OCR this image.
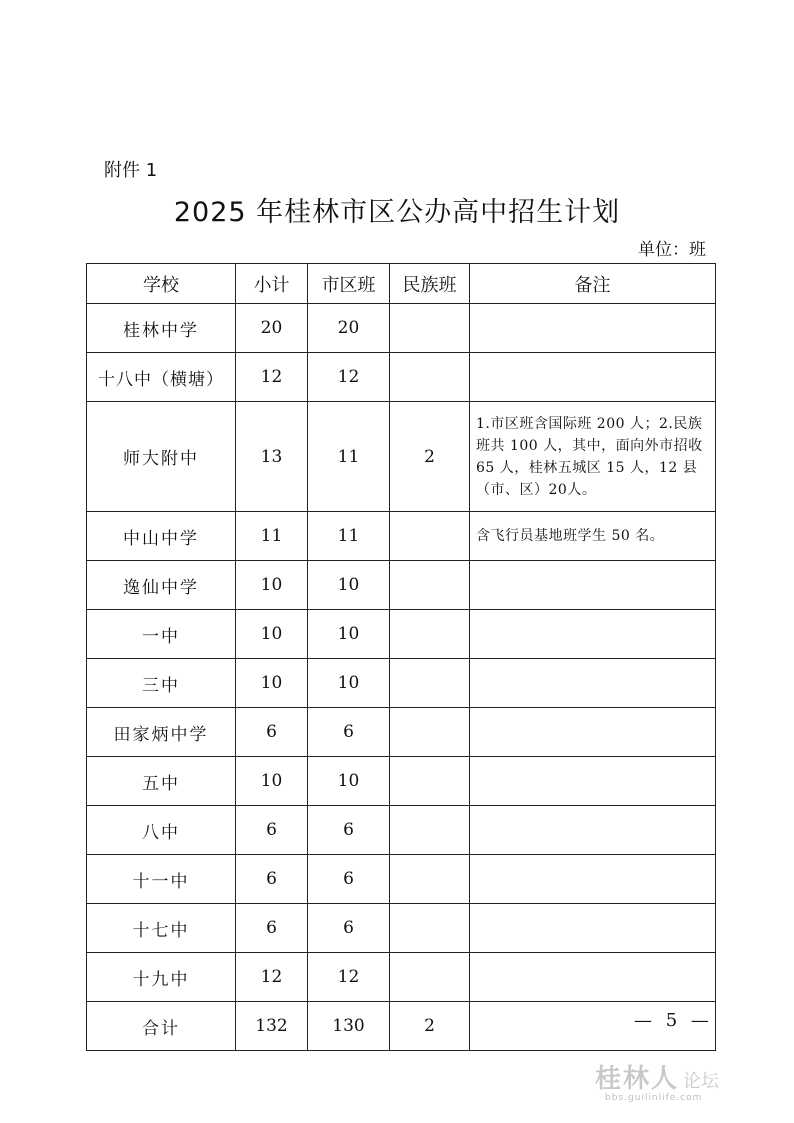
附件 1
2025 年桂林市区公办高中招生计划
单位：班
学校	小计	市区班	民族班	备注
桂林中学	20	20		
十八中（横塘）	12	12		
师大附中	13	11	2	1.市区班含国际班 200 人；2.民族班共 100 人，其中，面向外市招收 65 人，桂林五城区 15 人，12 县（市、区）20人。
中山中学	11	11		含飞行员基地班学生 50 名。
逸仙中学	10	10		
一中	10	10		
三中	10	10		
田家炳中学	6	6		
五中	10	10		
八中	6	6		
十一中	6	6		
十七中	6	6		
十九中	12	12		
合计	132	130	2		— 5 —
桂林人 论坛
bbs.guilinlife.com
